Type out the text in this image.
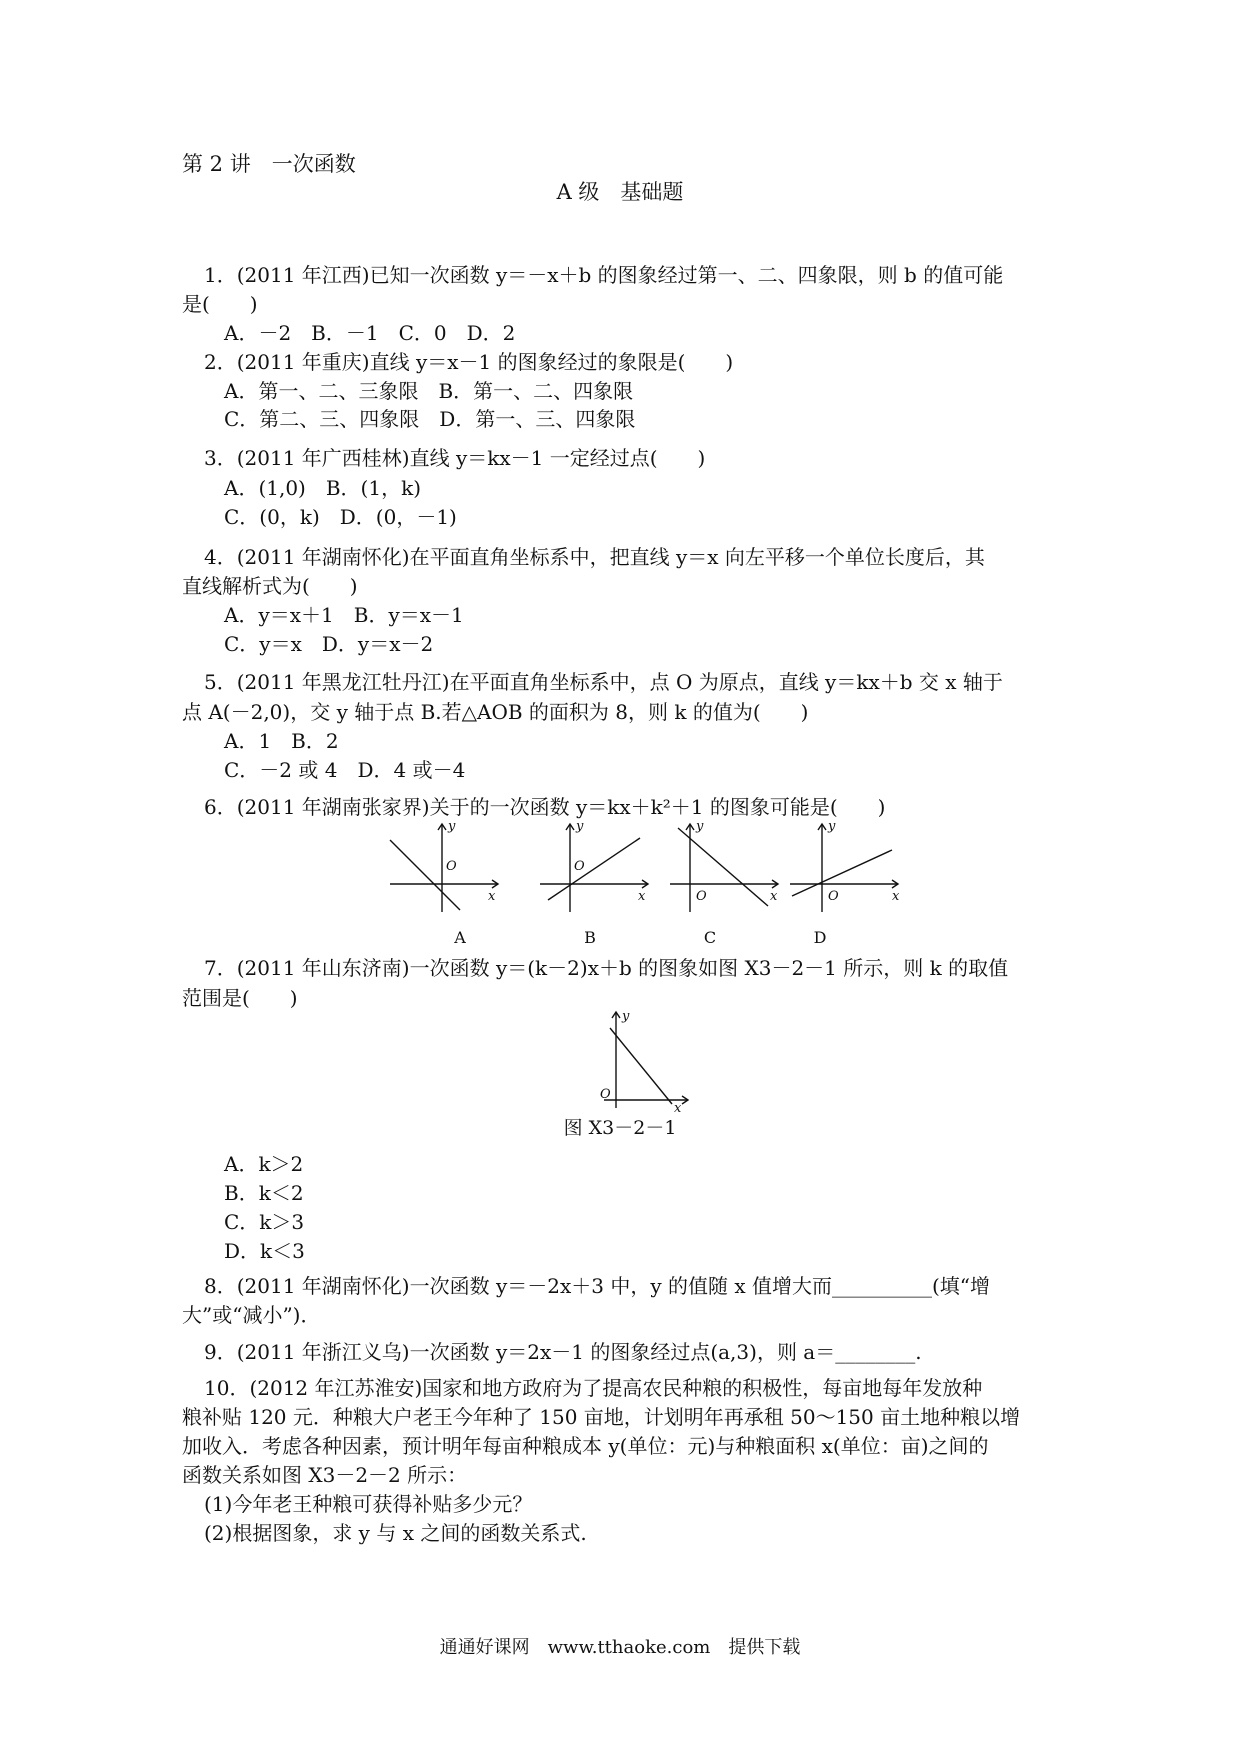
第 2 讲　一次函数
A 级　基础题
1．(2011 年江西)已知一次函数 y＝－x＋b 的图象经过第一、二、四象限，则 b 的值可能
是(　　)
A．－2　B．－1　C．0　D．2
2．(2011 年重庆)直线 y＝x－1 的图象经过的象限是(　　)
A．第一、二、三象限　B．第一、二、四象限
C．第二、三、四象限　D．第一、三、四象限
3．(2011 年广西桂林)直线 y＝kx－1 一定经过点(　　)
A．(1,0)　B．(1，k)
C．(0，k)　D．(0，－1)
4．(2011 年湖南怀化)在平面直角坐标系中，把直线 y＝x 向左平移一个单位长度后，其
直线解析式为(　　)
A．y＝x＋1　B．y＝x－1
C．y＝x　D．y＝x－2
5．(2011 年黑龙江牡丹江)在平面直角坐标系中，点 O 为原点，直线 y＝kx＋b 交 x 轴于
点 A(－2,0)，交 y 轴于点 B.若△AOB 的面积为 8，则 k 的值为(　　)
A．1　B．2
C．－2 或 4　D．4 或－4
6．(2011 年湖南张家界)关于的一次函数 y＝kx＋k²＋1 的图象可能是(　　)
y
x
O
A
y
x
O
B
y
x
O
C
y
x
O
D
7．(2011 年山东济南)一次函数 y＝(k－2)x＋b 的图象如图 X3－2－1 所示，则 k 的取值
范围是(　　)
y
x
O
图 X3－2－1
A．k＞2
B．k＜2
C．k＞3
D．k＜3
8．(2011 年湖南怀化)一次函数 y＝－2x＋3 中，y 的值随 x 值增大而__________(填“增
大”或“减小”)．
9．(2011 年浙江义乌)一次函数 y＝2x－1 的图象经过点(a,3)，则 a＝________.
10．(2012 年江苏淮安)国家和地方政府为了提高农民种粮的积极性，每亩地每年发放种
粮补贴 120 元．种粮大户老王今年种了 150 亩地，计划明年再承租 50～150 亩土地种粮以增
加收入．考虑各种因素，预计明年每亩种粮成本 y(单位：元)与种粮面积 x(单位：亩)之间的
函数关系如图 X3－2－2 所示：
(1)今年老王种粮可获得补贴多少元？
(2)根据图象，求 y 与 x 之间的函数关系式.
通通好课网　www.tthaoke.com　提供下载
